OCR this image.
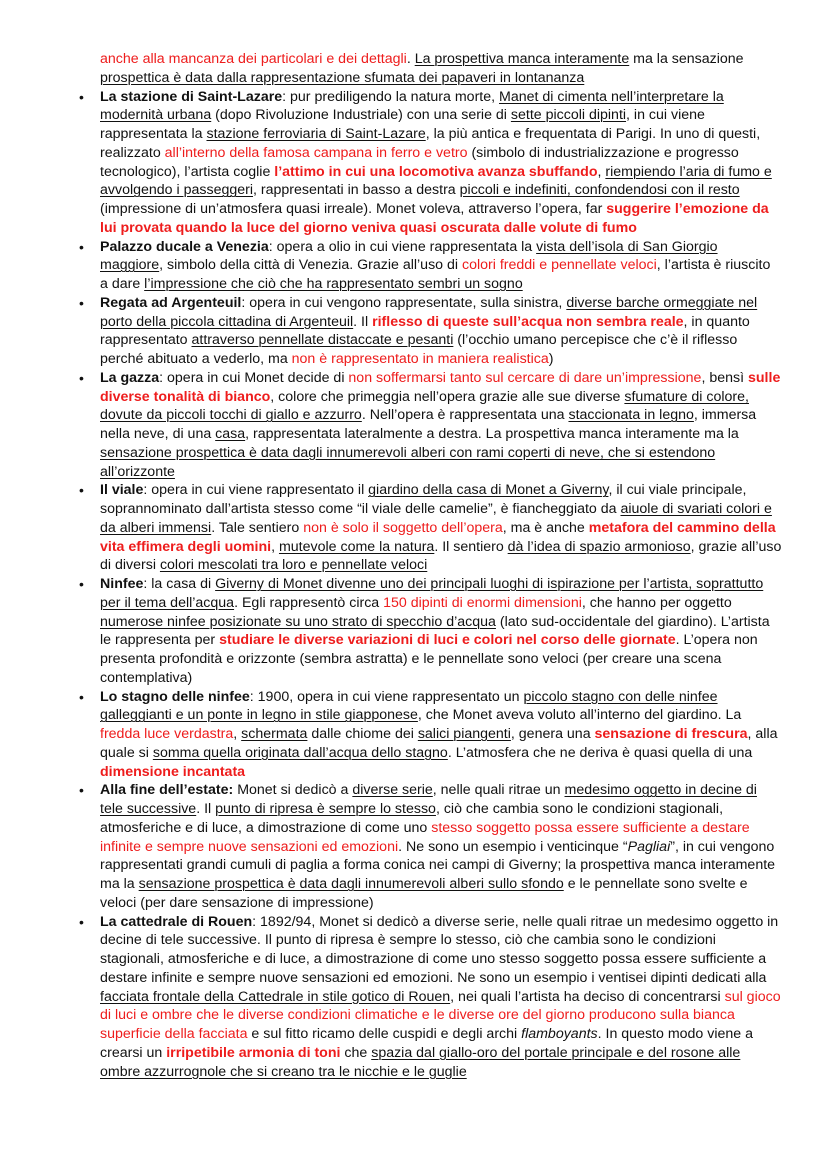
anche alla mancanza dei particolari e dei dettagli. La prospettiva manca interamente ma la sensazione prospettica è data dalla rappresentazione sfumata dei papaveri in lontananza

• La stazione di Saint-Lazare: pur prediligendo la natura morte, Manet di cimenta nell’interpretare la modernità urbana (dopo Rivoluzione Industriale) con una serie di sette piccoli dipinti, in cui viene rappresentata la stazione ferroviaria di Saint-Lazare, la più antica e frequentata di Parigi. In uno di questi, realizzato all’interno della famosa campana in ferro e vetro (simbolo di industrializzazione e progresso tecnologico), l’artista coglie l’attimo in cui una locomotiva avanza sbuffando, riempiendo l’aria di fumo e avvolgendo i passeggeri, rappresentati in basso a destra piccoli e indefiniti, confondendosi con il resto (impressione di un’atmosfera quasi irreale). Monet voleva, attraverso l’opera, far suggerire l’emozione da lui provata quando la luce del giorno veniva quasi oscurata dalle volute di fumo

• Palazzo ducale a Venezia: opera a olio in cui viene rappresentata la vista dell’isola di San Giorgio maggiore, simbolo della città di Venezia. Grazie all’uso di colori freddi e pennellate veloci, l’artista è riuscito a dare l’impressione che ciò che ha rappresentato sembri un sogno

• Regata ad Argenteuil: opera in cui vengono rappresentate, sulla sinistra, diverse barche ormeggiate nel porto della piccola cittadina di Argenteuil. Il riflesso di queste sull’acqua non sembra reale, in quanto rappresentato attraverso pennellate distaccate e pesanti (l’occhio umano percepisce che c’è il riflesso perché abituato a vederlo, ma non è rappresentato in maniera realistica)

• La gazza: opera in cui Monet decide di non soffermarsi tanto sul cercare di dare un’impressione, bensì sulle diverse tonalità di bianco, colore che primeggia nell’opera grazie alle sue diverse sfumature di colore, dovute da piccoli tocchi di giallo e azzurro. Nell’opera è rappresentata una staccionata in legno, immersa nella neve, di una casa, rappresentata lateralmente a destra. La prospettiva manca interamente ma la sensazione prospettica è data dagli innumerevoli alberi con rami coperti di neve, che si estendono all’orizzonte

• Il viale: opera in cui viene rappresentato il giardino della casa di Monet a Giverny, il cui viale principale, soprannominato dall’artista stesso come “il viale delle camelie”, è fiancheggiato da aiuole di svariati colori e da alberi immensi. Tale sentiero non è solo il soggetto dell’opera, ma è anche metafora del cammino della vita effimera degli uomini, mutevole come la natura. Il sentiero dà l’idea di spazio armonioso, grazie all’uso di diversi colori mescolati tra loro e pennellate veloci

• Ninfee: la casa di Giverny di Monet divenne uno dei principali luoghi di ispirazione per l’artista, soprattutto per il tema dell’acqua. Egli rappresentò circa 150 dipinti di enormi dimensioni, che hanno per oggetto numerose ninfee posizionate su uno strato di specchio d’acqua (lato sud-occidentale del giardino). L’artista le rappresenta per studiare le diverse variazioni di luci e colori nel corso delle giornate. L’opera non presenta profondità e orizzonte (sembra astratta) e le pennellate sono veloci (per creare una scena contemplativa)

• Lo stagno delle ninfee: 1900, opera in cui viene rappresentato un piccolo stagno con delle ninfee galleggianti e un ponte in legno in stile giapponese, che Monet aveva voluto all’interno del giardino. La fredda luce verdastra, schermata dalle chiome dei salici piangenti, genera una sensazione di frescura, alla quale si somma quella originata dall’acqua dello stagno. L’atmosfera che ne deriva è quasi quella di una dimensione incantata

• Alla fine dell’estate: Monet si dedicò a diverse serie, nelle quali ritrae un medesimo oggetto in decine di tele successive. Il punto di ripresa è sempre lo stesso, ciò che cambia sono le condizioni stagionali, atmosferiche e di luce, a dimostrazione di come uno stesso soggetto possa essere sufficiente a destare infinite e sempre nuove sensazioni ed emozioni. Ne sono un esempio i venticinque “Pagliai”, in cui vengono rappresentati grandi cumuli di paglia a forma conica nei campi di Giverny; la prospettiva manca interamente ma la sensazione prospettica è data dagli innumerevoli alberi sullo sfondo e le pennellate sono svelte e veloci (per dare sensazione di impressione)

• La cattedrale di Rouen: 1892/94, Monet si dedicò a diverse serie, nelle quali ritrae un medesimo oggetto in decine di tele successive. Il punto di ripresa è sempre lo stesso, ciò che cambia sono le condizioni stagionali, atmosferiche e di luce, a dimostrazione di come uno stesso soggetto possa essere sufficiente a destare infinite e sempre nuove sensazioni ed emozioni. Ne sono un esempio i ventisei dipinti dedicati alla facciata frontale della Cattedrale in stile gotico di Rouen, nei quali l’artista ha deciso di concentrarsi sul gioco di luci e ombre che le diverse condizioni climatiche e le diverse ore del giorno producono sulla bianca superficie della facciata e sul fitto ricamo delle cuspidi e degli archi flamboyants. In questo modo viene a crearsi un irripetibile armonia di toni che spazia dal giallo-oro del portale principale e del rosone alle ombre azzurrognole che si creano tra le nicchie e le guglie
